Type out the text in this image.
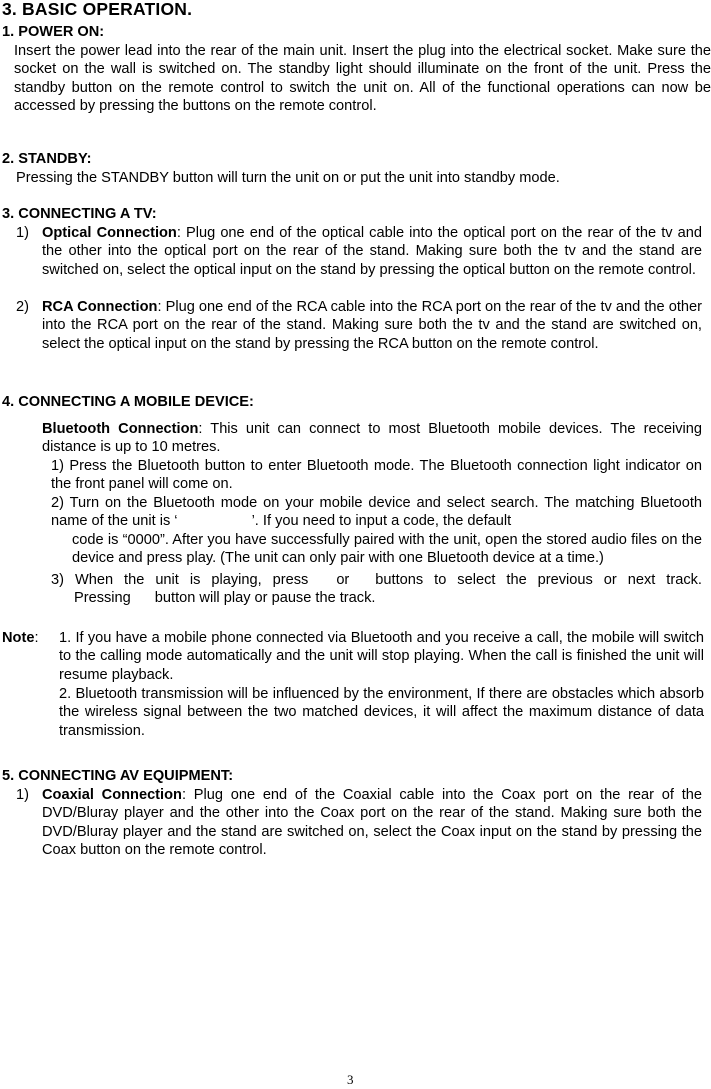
3. BASIC OPERATION.
1. POWER ON:

Insert the power lead into the rear of the main unit. Insert the plug into the electrical socket. Make sure the socket on the wall is switched on. The standby light should illuminate on the front of the unit. Press the standby button on the remote control to switch the unit on. All of the functional operations can now be accessed by pressing the buttons on the remote control.

2. STANDBY:

Pressing the STANDBY button will turn the unit on or put the unit into standby mode.

3. CONNECTING A TV:
1) Optical Connection: Plug one end of the optical cable into the optical port on the rear of the tv and the other into the optical port on the rear of the stand. Making sure both the tv and the stand are switched on, select the optical input on the stand by pressing the optical button on the remote control.

2) RCA Connection: Plug one end of the RCA cable into the RCA port on the rear of the tv and the other into the RCA port on the rear of the stand. Making sure both the tv and the stand are switched on, select the optical input on the stand by pressing the RCA button on the remote control.

4. CONNECTING A MOBILE DEVICE:

Bluetooth Connection: This unit can connect to most Bluetooth mobile devices. The receiving distance is up to 10 metres.

1) Press the Bluetooth button to enter Bluetooth mode. The Bluetooth connection light indicator on the front panel will come on.

2) Turn on the Bluetooth mode on your mobile device and select search. The matching Bluetooth name of the unit is ‘	’. If you need to input a code, the default

code is “0000”. After you have successfully paired with the unit, open the stored audio files on the device and press play. (The unit can only pair with one Bluetooth device at a time.)

3) When the unit is playing, press or buttons to select the previous or next track.

Pressing button will play or pause the track.

Note: 1. If you have a mobile phone connected via Bluetooth and you receive a call, the mobile will switch to the calling mode automatically and the unit will stop playing. When the call is finished the unit will resume playback.

2. Bluetooth transmission will be influenced by the environment, If there are obstacles which absorb the wireless signal between the two matched devices, it will affect the maximum distance of data transmission.

5. CONNECTING AV EQUIPMENT:
1) Coaxial Connection: Plug one end of the Coaxial cable into the Coax port on the rear of the DVD/Bluray player and the other into the Coax port on the rear of the stand. Making sure both the DVD/Bluray player and the stand are switched on, select the Coax input on the stand by pressing the Coax button on the remote control.

3
